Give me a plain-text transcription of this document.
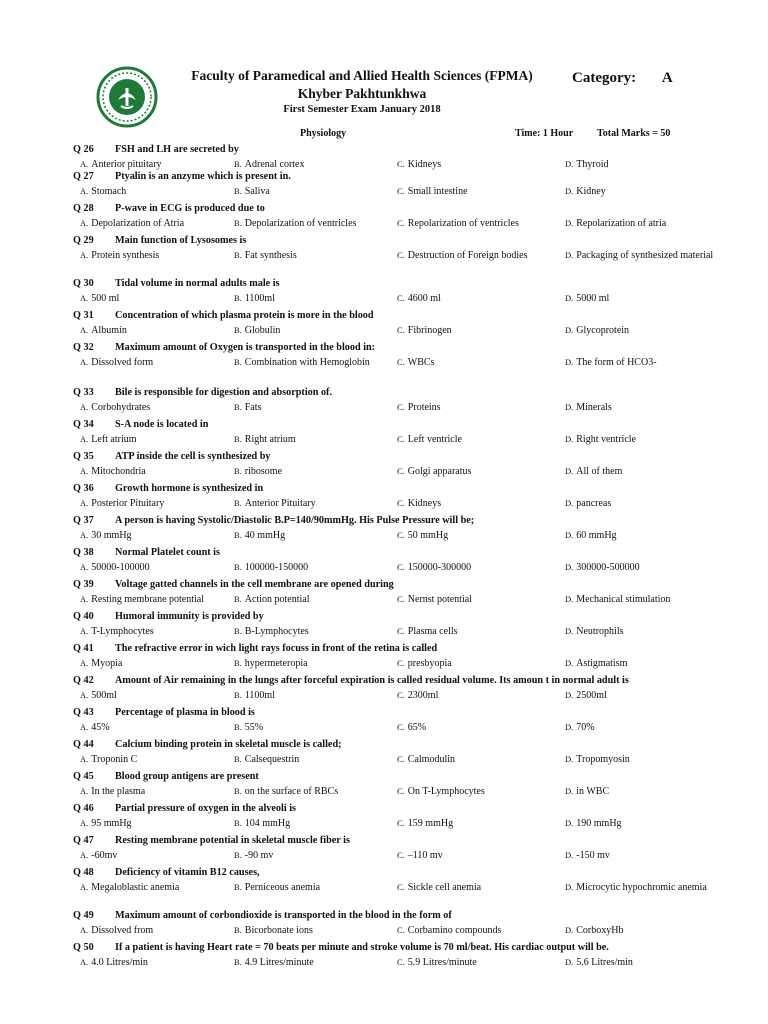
Faculty of Paramedical and Allied Health Sciences (FPMA)
Khyber Pakhtunkhwa
First Semester Exam January 2018
Category: A
Physiology	Time: 1 Hour Total Marks = 50
Q 26 FSH and LH are secreted by
A. Anterior pituitary	B. Adrenal cortex	C. Kidneys	D. Thyroid
Q 27 Ptyalin is an anzyme which is present in.
A. Stomach	B. Saliva	C. Small intestine	D. Kidney
Q 28 P-wave in ECG is produced due to
A. Depolarization of Atria	B. Depolarization of ventricles	C. Repolarization of ventricles	D. Repolarization of atria
Q 29 Main function of Lysosomes is
A. Protein synthesis	B. Fat synthesis	C. Destruction of Foreign bodies	D. Packaging of synthesized material
Q 30 Tidal volume in normal adults male is
A. 500 ml	B. 1100ml	C. 4600 ml	D. 5000 ml
Q 31 Concentration of which plasma protein is more in the blood
A. Albumin	B. Globulin	C. Fibrinogen	D. Glycoprotein
Q 32 Maximum amount of Oxygen is transported in the blood in:
A. Dissolved form	B. Combination with Hemoglobin	C. WBCs	D. The form of HCO3-
Q 33 Bile is responsible for digestion and absorption of.
A. Corbohydrates	B. Fats	C. Proteins	D. Minerals
Q 34 S-A node is located in
A. Left atrium	B. Right atrium	C. Left ventricle	D. Right ventricle
Q 35 ATP inside the cell is synthesized by
A. Mitochondria	B. ribosome	C. Golgi apparatus	D. All of them
Q 36 Growth hormone is synthesized in
A. Posterior Pituitary	B. Anterior Pituitary	C. Kidneys	D. pancreas
Q 37 A person is having Systolic/Diastolic B.P=140/90mmHg. His Pulse Pressure will be;
A. 30 mmHg	B. 40 mmHg	C. 50 mmHg	D. 60 mmHg
Q 38 Normal Platelet count is
A. 50000-100000	B. 100000-150000	C. 150000-300000	D. 300000-500000
Q 39 Voltage gatted channels in the cell membrane are opened during
A. Resting membrane potential	B. Action potential	C. Nernst potential	D. Mechanical stimulation
Q 40 Humoral immunity is provided by
A. T-Lymphocytes	B. B-Lymphocytes	C. Plasma cells	D. Neutrophils
Q 41 The refractive error in wich light rays focuss in front of the retina is called
A. Myopia	B. hypermeteropia	C. presbyopia	D. Astigmatism
Q 42 Amount of Air remaining in the lungs after forceful expiration is called residual volume. Its amoun t in normal adult is
A. 500ml	B. 1100ml	C. 2300ml	D. 2500ml
Q 43 Percentage of plasma in blood is
A. 45%	B. 55%	C. 65%	D. 70%
Q 44 Calcium binding protein in skeletal muscle is called;
A. Troponin C	B. Calsequestrin	C. Calmodulin	D. Tropomyosin
Q 45 Blood group antigens are present
A. In the plasma	B. on the surface of RBCs	C. On T-Lymphocytes	D. in WBC
Q 46 Partial pressure of oxygen in the alveoli is
A. 95 mmHg	B. 104 mmHg	C. 159 mmHg	D. 190 mmHg
Q 47 Resting membrane potential in skeletal muscle fiber is
A. -60mv	B. -90 mv	C. –110 mv	D. -150 mv
Q 48 Deficiency of vitamin B12 causes,
A. Megaloblastic anemia	B. Perniceous anemia	C. Sickle cell anemia	D. Microcytic hypochromic anemia
Q 49 Maximum amount of corbondioxide is transported in the blood in the form of
A. Dissolved from	B. Bicorbonate ions	C. Corbamino compounds	D. CorboxyHb
Q 50 If a patient is having Heart rate = 70 beats per minute and stroke volume is 70 ml/beat. His cardiac output will be.
A. 4.0 Litres/min	B. 4.9 Litres/minute	C. 5.9 Litres/minute	D. 5.6 Litres/min
